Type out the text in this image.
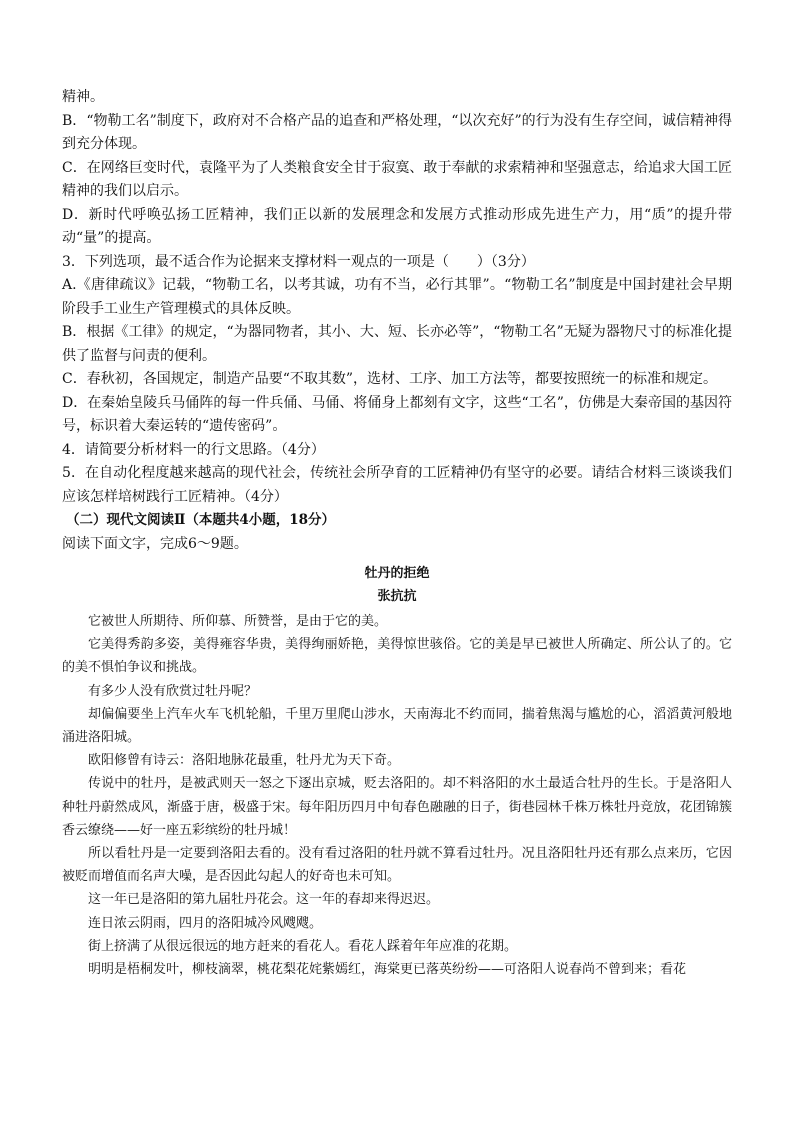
精神。

B．“物勒工名”制度下，政府对不合格产品的追查和严格处理，“以次充好”的行为没有生存空间，诚信精神得到充分体现。

C．在网络巨变时代，袁隆平为了人类粮食安全甘于寂寞、敢于奉献的求索精神和坚强意志，给追求大国工匠精神的我们以启示。

D．新时代呼唤弘扬工匠精神，我们正以新的发展理念和发展方式推动形成先进生产力，用“质”的提升带动“量”的提高。

3．下列选项，最不适合作为论据来支撑材料一观点的一项是（　　）（3分）

A.《唐律疏议》记载，“物勒工名，以考其诚，功有不当，必行其罪”。“物勒工名”制度是中国封建社会早期阶段手工业生产管理模式的具体反映。

B．根据《工律》的规定，“为器同物者，其小、大、短、长亦必等”，“物勒工名”无疑为器物尺寸的标准化提供了监督与问责的便利。

C．春秋初，各国规定，制造产品要“不取其数”，选材、工序、加工方法等，都要按照统一的标准和规定。

D．在秦始皇陵兵马俑阵的每一件兵俑、马俑、将俑身上都刻有文字，这些“工名”，仿佛是大秦帝国的基因符号，标识着大秦运转的“遗传密码”。

4．请简要分析材料一的行文思路。（4分）

5．在自动化程度越来越高的现代社会，传统社会所孕育的工匠精神仍有坚守的必要。请结合材料三谈谈我们应该怎样培树践行工匠精神。（4分）

（二）现代文阅读Ⅱ（本题共4小题，18分）

阅读下面文字，完成6～9题。

牡丹的拒绝
张抗抗

它被世人所期待、所仰慕、所赞誉，是由于它的美。

它美得秀韵多姿，美得雍容华贵，美得绚丽娇艳，美得惊世骇俗。它的美是早已被世人所确定、所公认了的。它的美不惧怕争议和挑战。

有多少人没有欣赏过牡丹呢？

却偏偏要坐上汽车火车飞机轮船，千里万里爬山涉水，天南海北不约而同，揣着焦渴与尴尬的心，滔滔黄河般地涌进洛阳城。

欧阳修曾有诗云：洛阳地脉花最重，牡丹尤为天下奇。

传说中的牡丹，是被武则天一怒之下逐出京城，贬去洛阳的。却不料洛阳的水土最适合牡丹的生长。于是洛阳人种牡丹蔚然成风，渐盛于唐，极盛于宋。每年阳历四月中旬春色融融的日子，街巷园林千株万株牡丹竞放，花团锦簇香云缭绕——好一座五彩缤纷的牡丹城！

所以看牡丹是一定要到洛阳去看的。没有看过洛阳的牡丹就不算看过牡丹。况且洛阳牡丹还有那么点来历，它因被贬而增值而名声大噪，是否因此勾起人的好奇也未可知。

这一年已是洛阳的第九届牡丹花会。这一年的春却来得迟迟。

连日浓云阴雨，四月的洛阳城冷风飕飕。

街上挤满了从很远很远的地方赶来的看花人。看花人踩着年年应准的花期。

明明是梧桐发叶，柳枝滴翠，桃花梨花姹紫嫣红，海棠更已落英纷纷——可洛阳人说春尚不曾到来；看花
